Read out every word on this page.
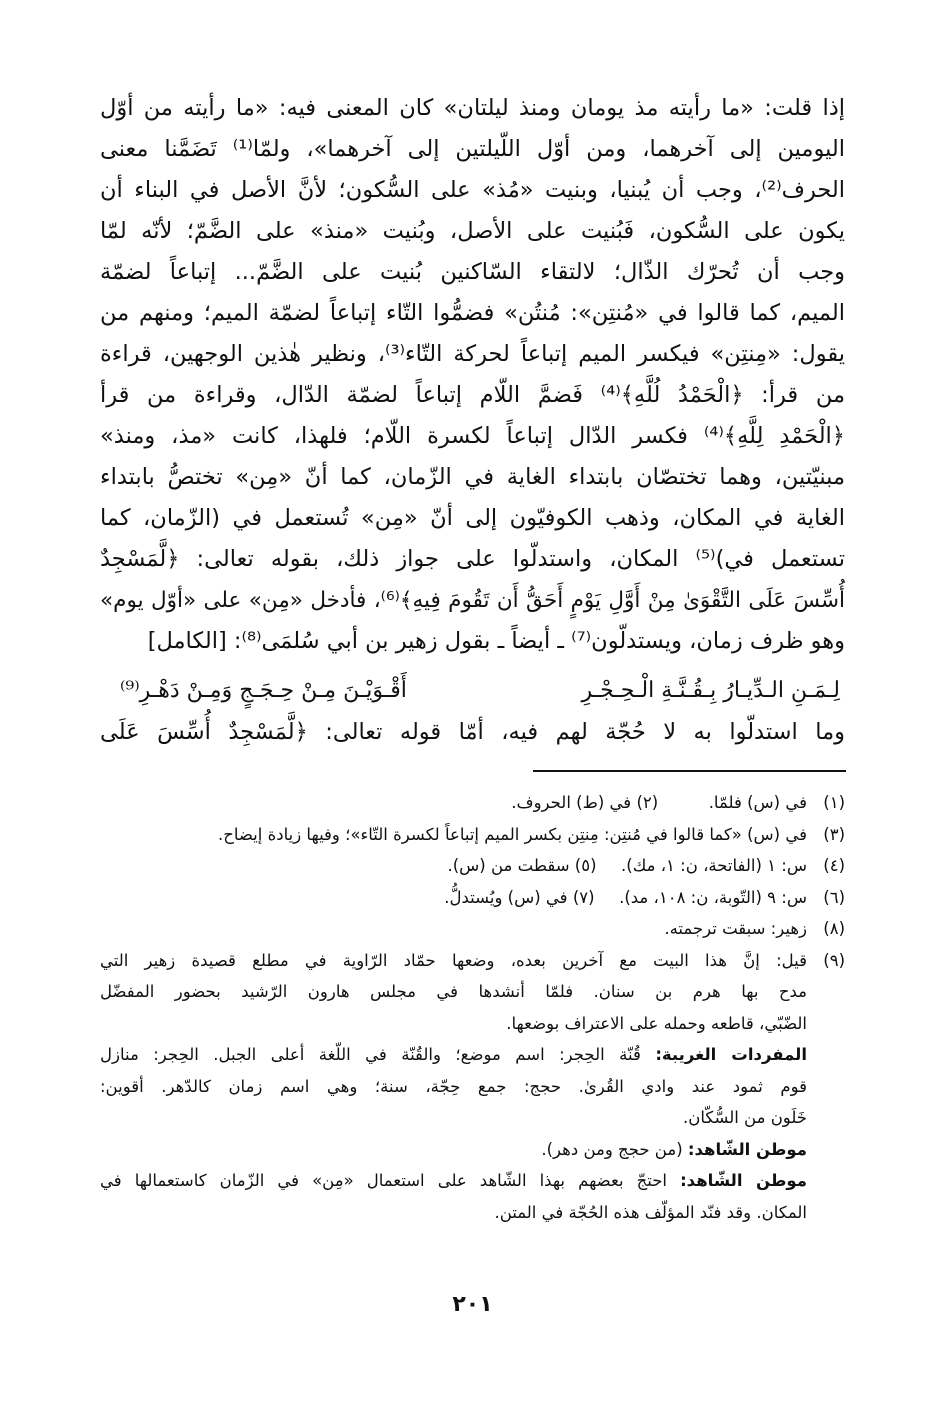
إذا قلت: «ما رأيته مذ يومان ومنذ ليلتان» كان المعنى فيه: «ما رأيته من أوّل
اليومين إلى آخرهما، ومن أوّل اللّيلتين إلى آخرهما»، ولمّا⁽¹⁾ تَضَمَّنا معنى
الحرف⁽²⁾، وجب أن يُبنيا، وبنيت «مُذ» على السُّكون؛ لأنَّ الأصل في البناء أن
يكون على السُّكون، فَبُنيت على الأصل، وبُنيت «منذ» على الضَّمّ؛ لأنّه لمّا
وجب أن تُحرّك الذّال؛ لالتقاء السّاكنين بُنيت على الضَّمّ... إتباعاً لضمّة
الميم، كما قالوا في «مُنتِن»: مُنتُن» فضمُّوا التّاء إتباعاً لضمّة الميم؛ ومنهم من
يقول: «مِنتِن» فيكسر الميم إتباعاً لحركة التّاء⁽³⁾، ونظير هٰذين الوجهين، قراءة
من قرأ: ﴿الْحَمْدُ لُلَّهِ﴾⁽⁴⁾ فَضمَّ اللّام إتباعاً لضمّة الدّال، وقراءة من قرأ
﴿الْحَمْدِ لِلَّهِ﴾⁽⁴⁾ فكسر الدّال إتباعاً لكسرة اللّام؛ فلهذا، كانت «مذ، ومنذ»
مبنيّتين، وهما تختصّان بابتداء الغاية في الزّمان، كما أنّ «مِن» تختصُّ بابتداء
الغاية في المكان، وذهب الكوفيّون إلى أنّ «مِن» تُستعمل في (الزّمان، كما
تستعمل في)⁽⁵⁾ المكان، واستدلّوا على جواز ذلك، بقوله تعالى: ﴿لَّمَسْجِدٌ
أُسِّسَ عَلَى التَّقْوَىٰ مِنْ أَوَّلِ يَوْمٍ أَحَقُّ أَن تَقُومَ فِيهِ﴾⁽⁶⁾، فأدخل «مِن» على «أوّل يوم»
وهو ظرف زمان، ويستدلّون⁽⁷⁾ ـ أيضاً ـ بقول زهير بن أبي سُلمَى⁽⁸⁾: [الكامل]
لِـمَـنِ الـدِّيـارُ بِـقُـنَّـةِ الْـحِـجْـرِ
أَقْـوَيْـنَ مِـنْ حِـجَـجٍ وَمِـنْ دَهْـرِ⁽⁹⁾
وما استدلّوا به لا حُجّة لهم فيه، أمّا قوله تعالى: ﴿لَّمَسْجِدٌ أُسِّسَ عَلَى
(١)
في (س) فلمّا.  (٢) في (ط) الحروف.
(٣)
في (س) «كما قالوا في مُنتِن: مِنتِن بكسر الميم إتباعاً لكسرة التّاء»؛ وفيها زيادة إيضاح.
(٤)
س: ١ (الفاتحة، ن: ١، مك).  (٥) سقطت من (س).
(٦)
س: ٩ (التّوبة، ن: ١٠٨، مد).  (٧) في (س) ويُستدلُّ.
(٨)
زهير: سبقت ترجمته.
(٩)
قيل: إنَّ هذا البيت مع آخرين بعده، وضعها حمّاد الرّاوية في مطلع قصيدة زهير التي
مدح بها هرم بن سنان. فلمّا أنشدها في مجلس هارون الرّشيد بحضور المفضّل
الضّبّي، قاطعه وحمله على الاعتراف بوضعها.
المفردات الغريبة: قُنّة الحِجر: اسم موضع؛ والقُنّة في اللّغة أعلى الجبل. الحِجر: منازل
قوم ثمود عند وادي القُرىٰ. حجج: جمع حِجّة، سنة؛ وهي اسم زمان كالدّهر. أقوين:
خَلَون من السُّكّان.
موطن الشّاهد: (من حجج ومن دهر).
موطن الشّاهد: احتجّ بعضهم بهذا الشّاهد على استعمال «مِن» في الزّمان كاستعمالها في
المكان. وقد فنّد المؤلّف هذه الحُجّة في المتن.
٢٠١
